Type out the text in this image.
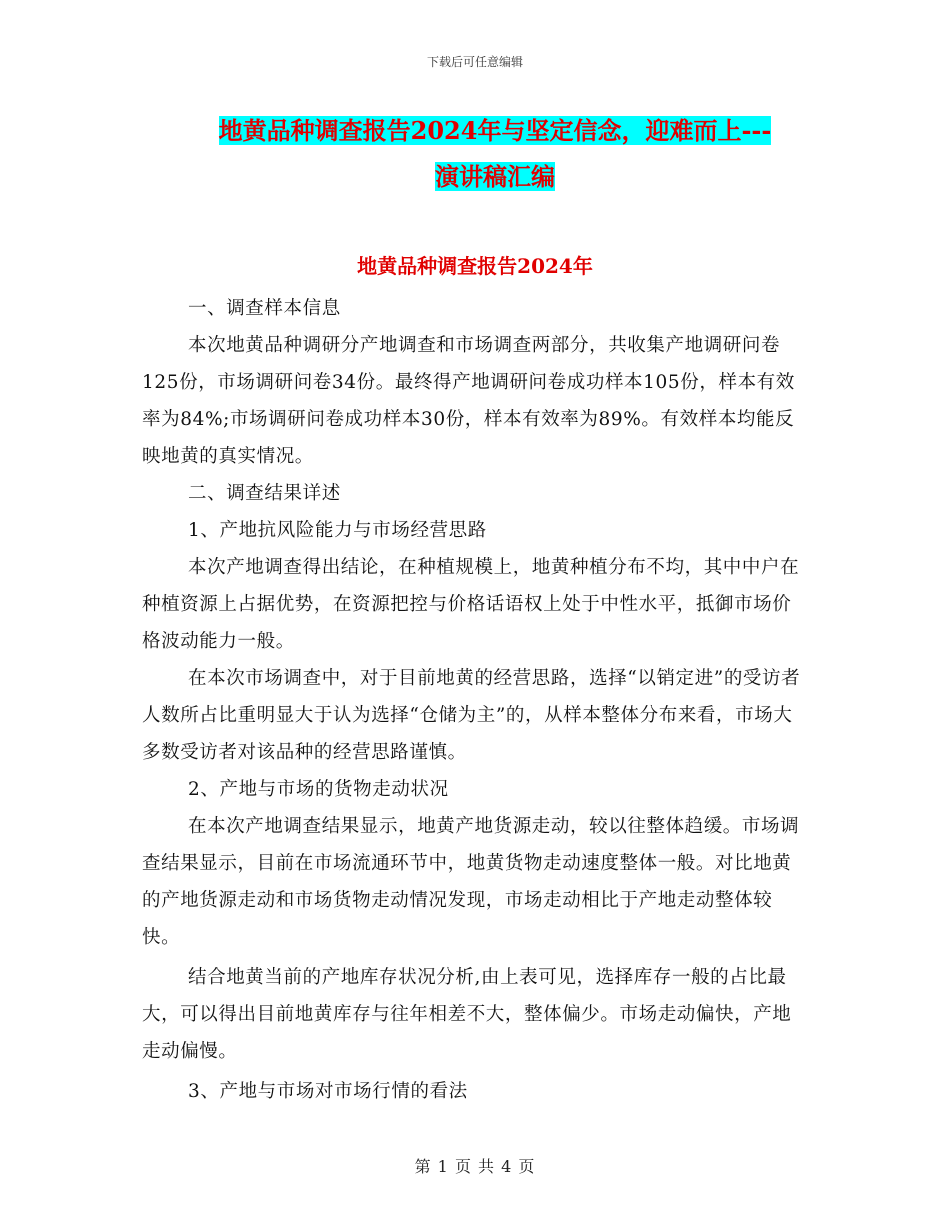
下载后可任意编辑
地黄品种调查报告2024年与坚定信念，迎难而上---
演讲稿汇编
地黄品种调查报告2024年

一、调查样本信息

本次地黄品种调研分产地调查和市场调查两部分，共收集产地调研问卷125份，市场调研问卷34份。最终得产地调研问卷成功样本105份，样本有效率为84%;市场调研问卷成功样本30份，样本有效率为89%。有效样本均能反映地黄的真实情况。

二、调查结果详述

1、产地抗风险能力与市场经营思路

本次产地调查得出结论，在种植规模上，地黄种植分布不均，其中中户在种植资源上占据优势，在资源把控与价格话语权上处于中性水平，抵御市场价格波动能力一般。

在本次市场调查中，对于目前地黄的经营思路，选择“以销定进”的受访者人数所占比重明显大于认为选择“仓储为主”的，从样本整体分布来看，市场大多数受访者对该品种的经营思路谨慎。

2、产地与市场的货物走动状况

在本次产地调查结果显示，地黄产地货源走动，较以往整体趋缓。市场调查结果显示，目前在市场流通环节中，地黄货物走动速度整体一般。对比地黄的产地货源走动和市场货物走动情况发现，市场走动相比于产地走动整体较快。

结合地黄当前的产地库存状况分析,由上表可见，选择库存一般的占比最大，可以得出目前地黄库存与往年相差不大，整体偏少。市场走动偏快，产地走动偏慢。

3、产地与市场对市场行情的看法

第 1 页 共 4 页
